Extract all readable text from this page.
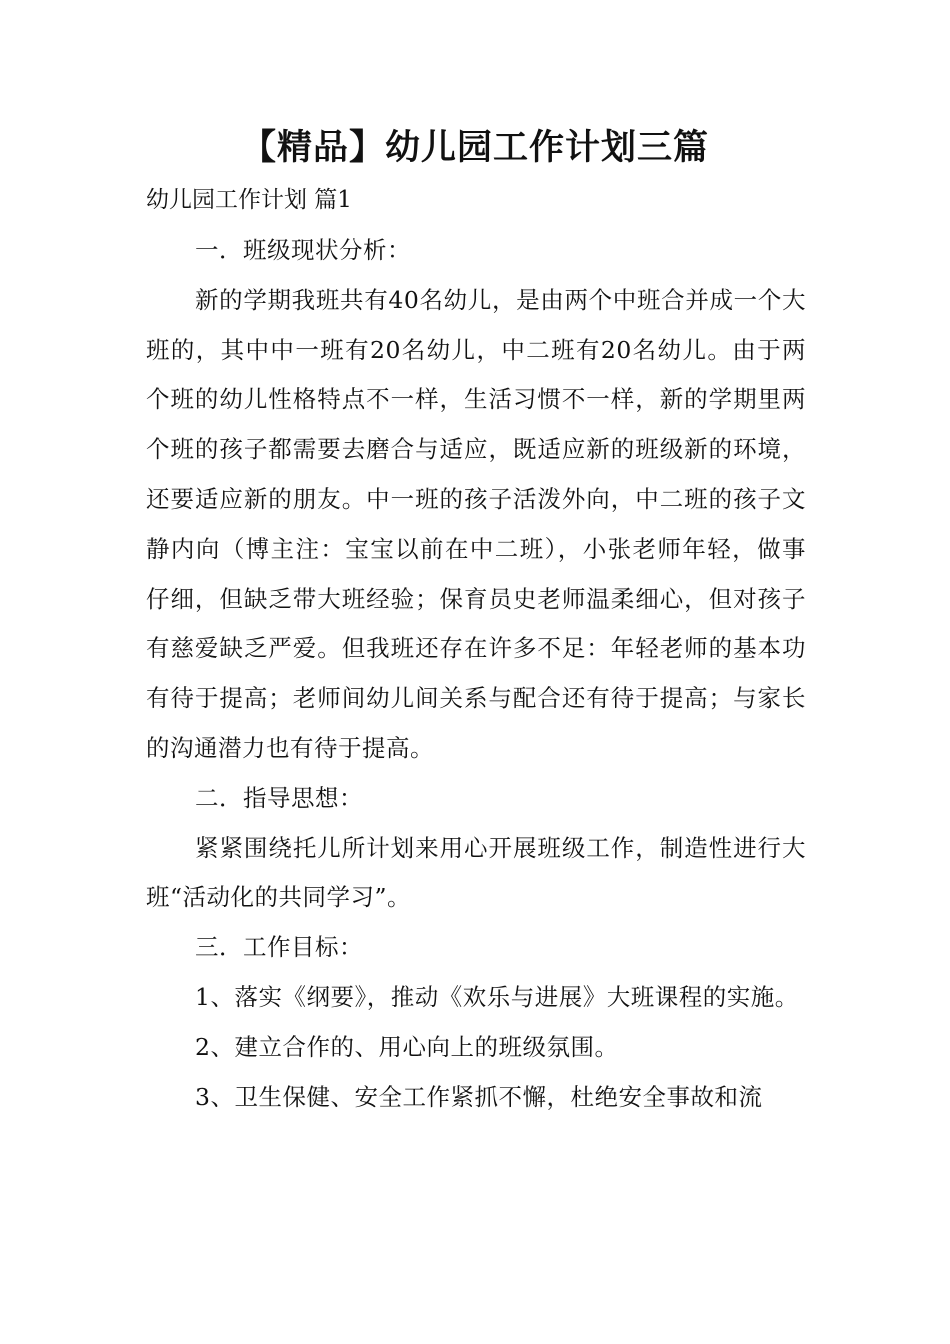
【精品】幼儿园工作计划三篇
幼儿园工作计划 篇1

一．班级现状分析：

新的学期我班共有40名幼儿，是由两个中班合并成一个大班的，其中中一班有20名幼儿，中二班有20名幼儿。由于两个班的幼儿性格特点不一样，生活习惯不一样，新的学期里两个班的孩子都需要去磨合与适应，既适应新的班级新的环境，还要适应新的朋友。中一班的孩子活泼外向，中二班的孩子文静内向（博主注：宝宝以前在中二班），小张老师年轻，做事仔细，但缺乏带大班经验；保育员史老师温柔细心，但对孩子有慈爱缺乏严爱。但我班还存在许多不足：年轻老师的基本功有待于提高；老师间幼儿间关系与配合还有待于提高；与家长的沟通潜力也有待于提高。

二．指导思想：

紧紧围绕托儿所计划来用心开展班级工作，制造性进行大班“活动化的共同学习”。

三．工作目标：

1、落实《纲要》，推动《欢乐与进展》大班课程的实施。

2、建立合作的、用心向上的班级氛围。

3、卫生保健、安全工作紧抓不懈，杜绝安全事故和流
